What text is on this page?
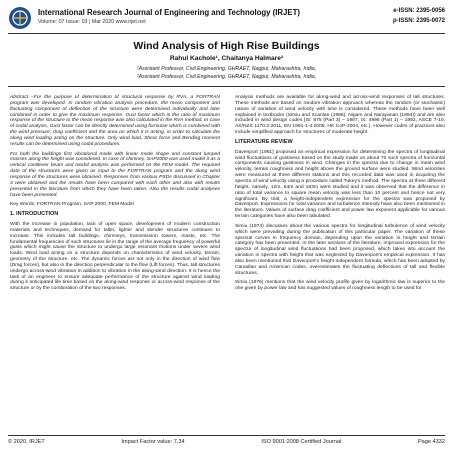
International Research Journal of Engineering and Technology (IRJET)
Volume: 07 Issue: 03 | Mar 2020 www.irjet.net
e-ISSN: 2395-0056
p-ISSN: 2395-0072
Wind Analysis of High Rise Buildings
Rahul Kachole¹, Chaitanya Halmare²
¹Assistant Professor, Civil Engineering, GHRAET, Nagpur, Maharashtra, India,
²Assistant Professor, Civil Engineering, GHRAET, Nagpur, Maharashtra, India,

Abstract –For the purpose of determination of structural response by RVA, a FORTRAN program was developed. In random vibration analysis procedure, the mean component and fluctuating component of deflection of the structure were determined individually and later combined in order to give the maximum response. Gust factor which is the ratio of maximum response of the structure to the mean response was also calculated in the RVA method. In case of codal analysis, Gust factor can be directly determined using formulae which is combined with the wind pressure, drag coefficient and the area on which it is acting, in order to calculate the along wind loading acting on the structure. Only wind load, Shear force and Bending moment results can be determined using codal procedures.

For both the buildings first vibrational mode with linear mode shape and constant lumped masses along the height was considered. In case of chimney, SAP2000 was used model it as a vertical cantilever beam and modal analysis was performed on the FEM model. The required data of the structures were given as input to the FORTRAN program and the along wind response of the structures were obtained. Responses from various PSDs discussed in Chapter 3 were obtained and the results have been compared with each other and also with results presented in the literature from which they have been taken. Also the results codal analyses have been presented.

Key Words: FORTRAN Program, SAP 2000, FEM Model

1. INTRODUCTION

With the increase in population, lack of open space, development of modern construction materials and techniques, demand for taller, lighter and slender structures continues to increase. This includes tall buildings, chimneys, transmission towers, masts, etc. The fundamental frequencies of such structures lie in the range of the average frequency of powerful gusts which might cause the structure to undergo large resonant motions under severe wind loads. Wind load acting on a structure depends on characteristics of wind velocity, terrain, geometry of the structure, etc. The dynamic forces act not only in the direction of wind flow (Drag forces), but also in the direction perpendicular to the flow (Lift forces). Thus, tall structures undergo across-wind vibration in addition to vibration in the along-wind direction. It is hence the task of an engineer to ensure adequate performance of the structure against wind loading during it anticipated life time based on the along-wind response or across-wind response of the structure or by the combination of the two responses.

Analysis methods are available for along-wind and across-wind responses of tall structures. These methods are based on random vibration approach whereas the random (or stochastic) nature of variation of wind velocity with time is considered. These methods have been well explained in textbooks (Simiu and Scanlan (1986), Nigam and Narayanan (1994)) and are also included in wind design codes [IS: 875 (Part 3) – 1987, IS: 4998 (Part 1) – 1992, ASCE 7-10, AS/NZS 1170.2:2011, EN 1991-1-4:2005, HK CoP-2004, etc.). However codes of practices also include simplified approach for structures of moderate height.

LITERATURE REVIEW

Davenport (1961) proposed an empirical expression for determining the spectra of longitudinal wind fluctuations of gustiness based on the study made on about 70 such spectra of horizontal components causing gustiness in wind. Changes in the spectra due to change in mean wind velocity, terrain roughness and height above the ground surface were studied. Wind velocities were measured at three different stations and this recorded data was used in acquiring the spectra of wind velocity using a procedure called Tukey's method. The spectra at three different height, namely, 12m, 64m and 183m were studied and it was observed that the difference in ratio of total variance to square mean velocity was less than 10 percent and hence not very significant. By trial, a height-independent expression for the spectra was proposed by Davenport. Expressions for total variance and turbulence intensity have also been mentioned in the literature. Values of surface drag coefficient and power law exponent applicable for various terrain categories have also been tabulated.

Simiu (1974) discusses about the various spectra for longitudinal turbulence of wind velocity which were prevailing during the publication of this particular paper. The variation of these spectral curves in frequency domain, depending upon the variation in height and terrain category has been presented. In the later sections of the literature, improved expression for the spectra of longitudinal wind fluctuations had been proposed, which takes into account the variation in spectra with height that was neglected by Davenport's empirical expression. It has also been mentioned that Davenport's height-independent formula, which has been adopted by Canadian and American codes, overestimates the fluctuating deflections of tall and flexible structures.

Simiu (1976) mentions that the wind velocity profile given by logarithmic law is superior to the one given by power law and has suggested values of roughness length to be used for

© 2020, IRJET	Impact Factor value: 7.34	ISO 9001:2008 Certified Journal	Page 4332
